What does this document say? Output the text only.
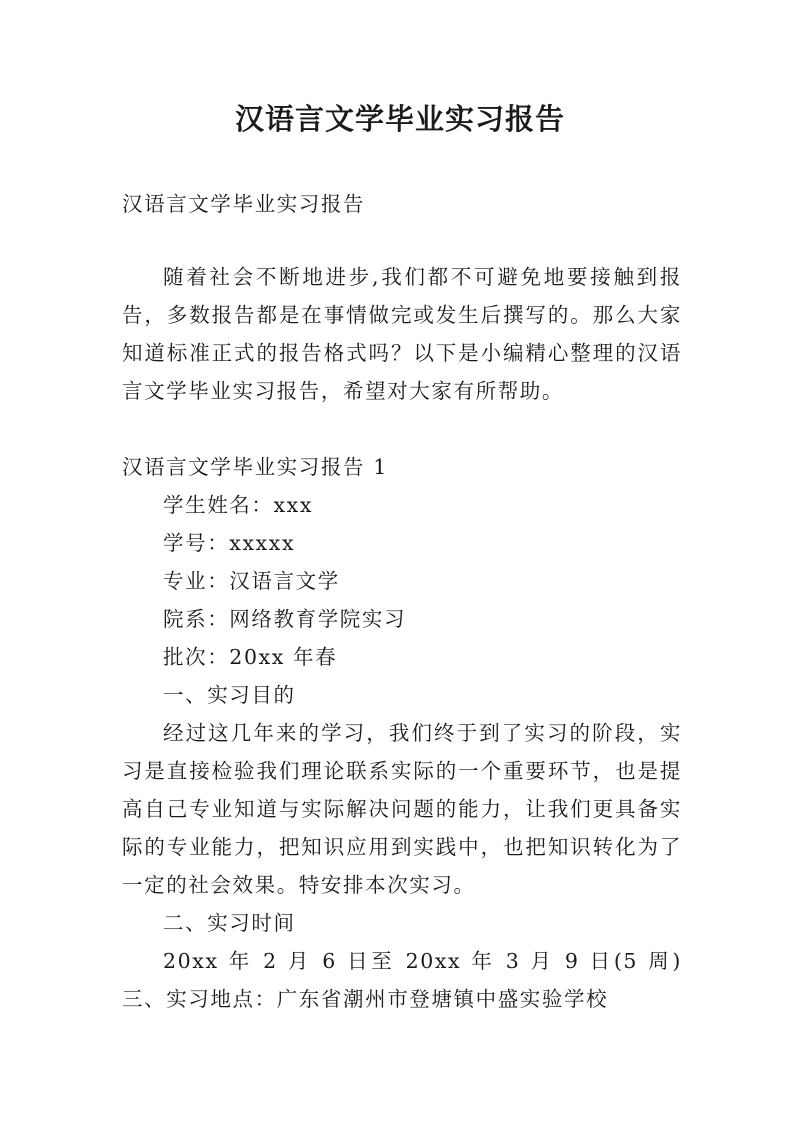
汉语言文学毕业实习报告
汉语言文学毕业实习报告
随着社会不断地进步,我们都不可避免地要接触到报告，多数报告都是在事情做完或发生后撰写的。那么大家知道标准正式的报告格式吗？以下是小编精心整理的汉语言文学毕业实习报告，希望对大家有所帮助。
汉语言文学毕业实习报告 1
学生姓名：xxx
学号：xxxxx
专业：汉语言文学
院系：网络教育学院实习
批次：20xx 年春
一、实习目的
经过这几年来的学习，我们终于到了实习的阶段，实习是直接检验我们理论联系实际的一个重要环节，也是提高自己专业知道与实际解决问题的能力，让我们更具备实际的专业能力，把知识应用到实践中，也把知识转化为了一定的社会效果。特安排本次实习。
二、实习时间
20xx 年 2 月 6 日至 20xx 年 3 月 9 日(5 周)三、实习地点：广东省潮州市登塘镇中盛实验学校
